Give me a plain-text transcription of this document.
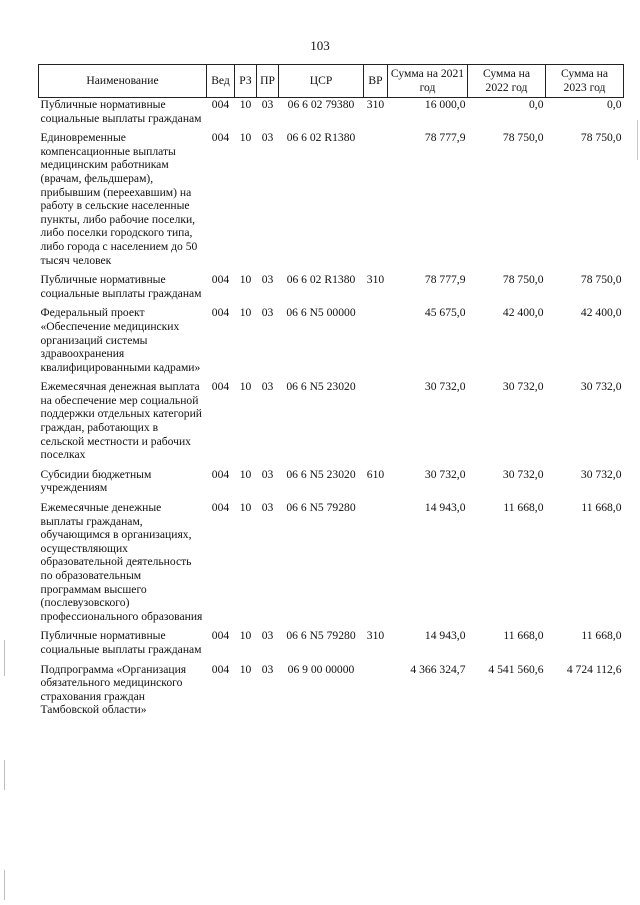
103
Наименование	Вед	РЗ	ПР	ЦСР	ВР	Сумма на 2021 год	Сумма на 2022 год	Сумма на 2023 год
Публичные нормативные социальные выплаты гражданам	004	10	03	06 6 02 79380	310	16 000,0	0,0	0,0
Единовременные компенсационные выплаты медицинским работникам (врачам, фельдшерам), прибывшим (переехавшим) на работу в сельские населенные пункты, либо рабочие поселки, либо поселки городского типа, либо города с населением до 50 тысяч человек	004	10	03	06 6 02 R1380		78 777,9	78 750,0	78 750,0
Публичные нормативные социальные выплаты гражданам	004	10	03	06 6 02 R1380	310	78 777,9	78 750,0	78 750,0
Федеральный проект «Обеспечение медицинских организаций системы здравоохранения квалифицированными кадрами»	004	10	03	06 6 N5 00000		45 675,0	42 400,0	42 400,0
Ежемесячная денежная выплата на обеспечение мер социальной поддержки отдельных категорий граждан, работающих в сельской местности и рабочих поселках	004	10	03	06 6 N5 23020		30 732,0	30 732,0	30 732,0
Субсидии бюджетным учреждениям	004	10	03	06 6 N5 23020	610	30 732,0	30 732,0	30 732,0
Ежемесячные денежные выплаты гражданам, обучающимся в организациях, осуществляющих образовательной деятельность по образовательным программам высшего (послевузовского) профессионального образования	004	10	03	06 6 N5 79280		14 943,0	11 668,0	11 668,0
Публичные нормативные социальные выплаты гражданам	004	10	03	06 6 N5 79280	310	14 943,0	11 668,0	11 668,0
Подпрограмма «Организация обязательного медицинского страхования граждан Тамбовской области»	004	10	03	06 9 00 00000		4 366 324,7	4 541 560,6	4 724 112,6
